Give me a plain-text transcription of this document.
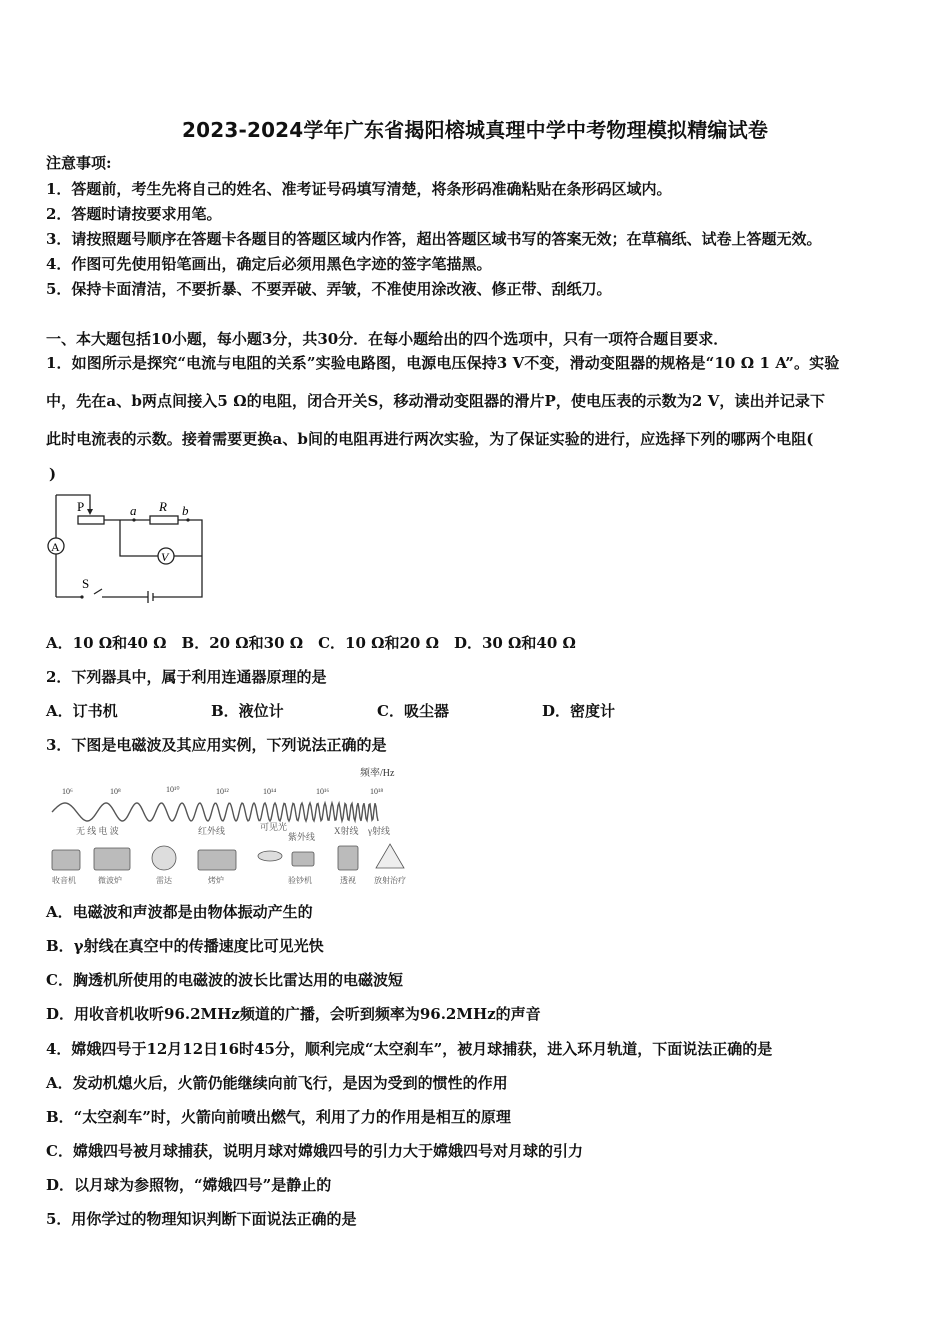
2023-2024学年广东省揭阳榕城真理中学中考物理模拟精编试卷
注意事项:
1．答题前，考生先将自己的姓名、准考证号码填写清楚，将条形码准确粘贴在条形码区域内。
2．答题时请按要求用笔。
3．请按照题号顺序在答题卡各题目的答题区域内作答，超出答题区域书写的答案无效；在草稿纸、试卷上答题无效。
4．作图可先使用铅笔画出，确定后必须用黑色字迹的签字笔描黑。
5．保持卡面清洁，不要折暴、不要弄破、弄皱，不准使用涂改液、修正带、刮纸刀。
一、本大题包括10小题，每小题3分，共30分．在每小题给出的四个选项中，只有一项符合题目要求．
1．如图所示是探究“电流与电阻的关系”实验电路图，电源电压保持3 V不变，滑动变阻器的规格是“10 Ω 1 A”。实验
中，先在a、b两点间接入5 Ω的电阻，闭合开关S，移动滑动变阻器的滑片P，使电压表的示数为2 V，读出并记录下
此时电流表的示数。接着需要更换a、b间的电阻再进行两次实验，为了保证实验的进行，应选择下列的哪两个电阻(
)
P	a R b
A
V
S
A．10 Ω和40 Ω　B．20 Ω和30 Ω　C．10 Ω和20 Ω　D．30 Ω和40 Ω
2．下列器具中，属于利用连通器原理的是
A．订书机	B．液位计	C．吸尘器	D．密度计
3．下图是电磁波及其应用实例，下列说法正确的是
频率/Hz
10⁶	10⁸	10¹⁰	10¹²	10¹⁴	10¹⁶	10¹⁸
无 线 电 波	红外线	可见光
紫外线
X射线 γ射线
收音机	微波炉	雷达	烤炉	验钞机	透视 放射治疗
A．电磁波和声波都是由物体振动产生的
B．γ射线在真空中的传播速度比可见光快
C．胸透机所使用的电磁波的波长比雷达用的电磁波短
D．用收音机收听96.2MHz频道的广播，会听到频率为96.2MHz的声音
4．嫦娥四号于12月12日16时45分，顺利完成“太空刹车”，被月球捕获，进入环月轨道，下面说法正确的是
A．发动机熄火后，火箭仍能继续向前飞行，是因为受到的惯性的作用
B．“太空刹车”时，火箭向前喷出燃气，利用了力的作用是相互的原理
C．嫦娥四号被月球捕获，说明月球对嫦娥四号的引力大于嫦娥四号对月球的引力
D．以月球为参照物，“嫦娥四号”是静止的
5．用你学过的物理知识判断下面说法正确的是
